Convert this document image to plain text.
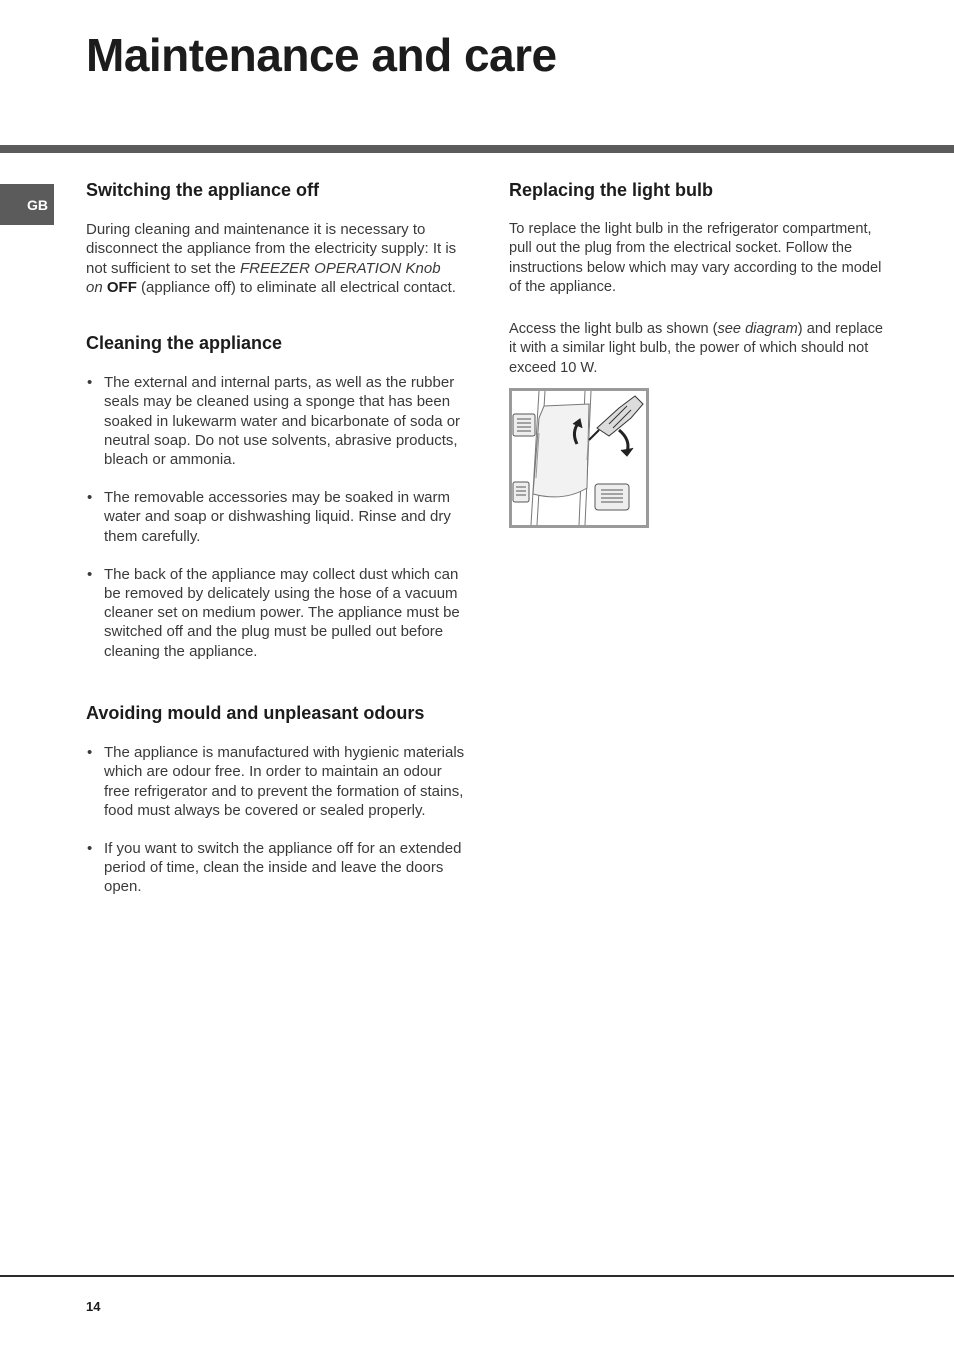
Maintenance and care
GB
Switching the appliance off

During cleaning and maintenance it is necessary to disconnect the appliance from the electricity supply: It is not sufficient to set the FREEZER OPERATION Knob on OFF (appliance off) to eliminate all electrical contact.

Cleaning the appliance
• The external and internal parts, as well as the rubber seals may be cleaned using a sponge that has been soaked in lukewarm water and bicarbonate of soda or neutral soap. Do not use solvents, abrasive products, bleach or ammonia.
• The removable accessories may be soaked in warm water and soap or dishwashing liquid. Rinse and dry them carefully.
• The back of the appliance may collect dust which can be removed by delicately using the hose of a vacuum cleaner set on medium power. The appliance must be switched off and the plug must be pulled out before cleaning the appliance.
Avoiding mould and unpleasant odours
• The appliance is manufactured with hygienic materials which are odour free. In order to maintain an odour free refrigerator and to prevent the formation of stains, food must always be covered or sealed properly.
• If you want to switch the appliance off for an extended period of time, clean the inside and leave the doors open.
Replacing the light bulb

To replace the light bulb in the refrigerator compartment, pull out the plug from the electrical socket. Follow the instructions below which may vary according to the model of the appliance.

Access the light bulb as shown (see diagram) and replace it with a similar light bulb, the power of which should not exceed 10 W.

14
